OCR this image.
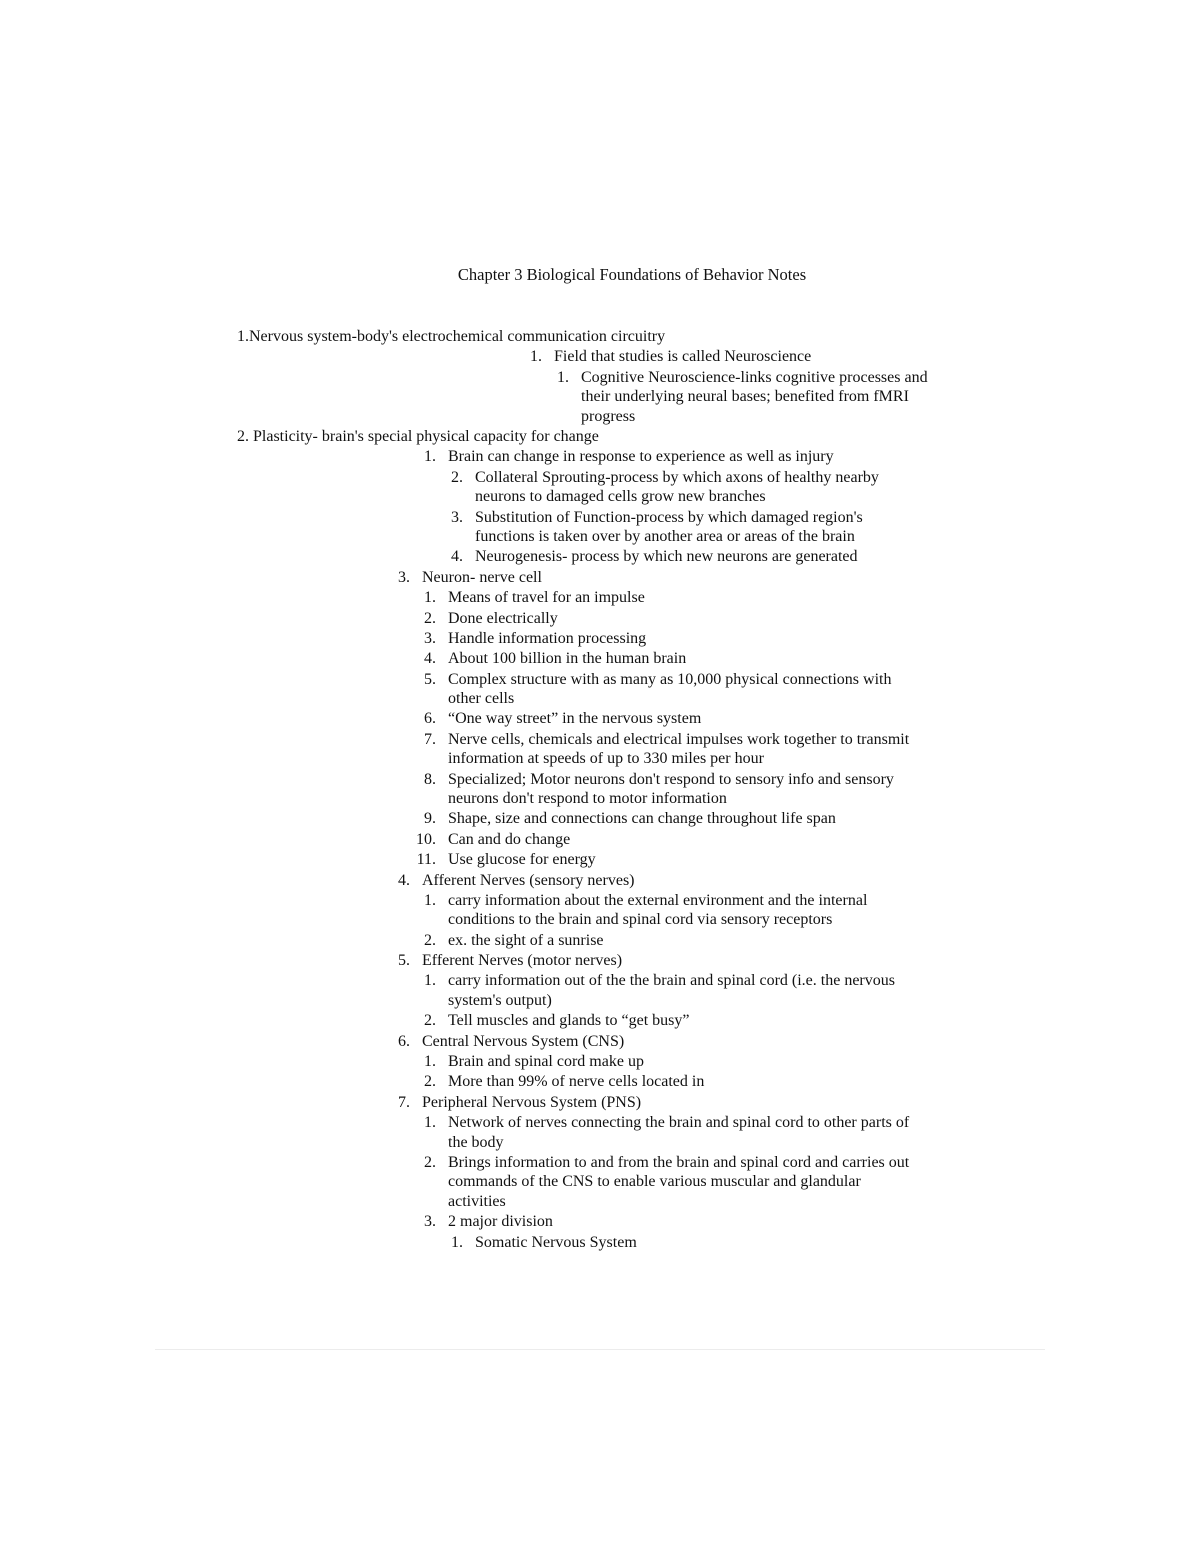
Chapter 3 Biological Foundations of Behavior Notes
1.Nervous system-body's electrochemical communication circuitry
1. Field that studies is called Neuroscience
1. Cognitive Neuroscience-links cognitive processes and
their underlying neural bases; benefited from fMRI
progress
2. Plasticity- brain's special physical capacity for change
1. Brain can change in response to experience as well as injury
2. Collateral Sprouting-process by which axons of healthy nearby
neurons to damaged cells grow new branches
3. Substitution of Function-process by which damaged region's
functions is taken over by another area or areas of the brain
4. Neurogenesis- process by which new neurons are generated
3. Neuron- nerve cell
1. Means of travel for an impulse
2. Done electrically
3. Handle information processing
4. About 100 billion in the human brain
5. Complex structure with as many as 10,000 physical connections with
other cells
6. “One way street” in the nervous system
7. Nerve cells, chemicals and electrical impulses work together to transmit
information at speeds of up to 330 miles per hour
8. Specialized; Motor neurons don't respond to sensory info and sensory
neurons don't respond to motor information
9. Shape, size and connections can change throughout life span
10. Can and do change
11. Use glucose for energy
4. Afferent Nerves (sensory nerves)
1. carry information about the external environment and the internal
conditions to the brain and spinal cord via sensory receptors
2. ex. the sight of a sunrise
5. Efferent Nerves (motor nerves)
1. carry information out of the the brain and spinal cord (i.e. the nervous
system's output)
2. Tell muscles and glands to “get busy”
6. Central Nervous System (CNS)
1. Brain and spinal cord make up
2. More than 99% of nerve cells located in
7. Peripheral Nervous System (PNS)
1. Network of nerves connecting the brain and spinal cord to other parts of
the body
2. Brings information to and from the brain and spinal cord and carries out
commands of the CNS to enable various muscular and glandular
activities
3. 2 major division
1. Somatic Nervous System
